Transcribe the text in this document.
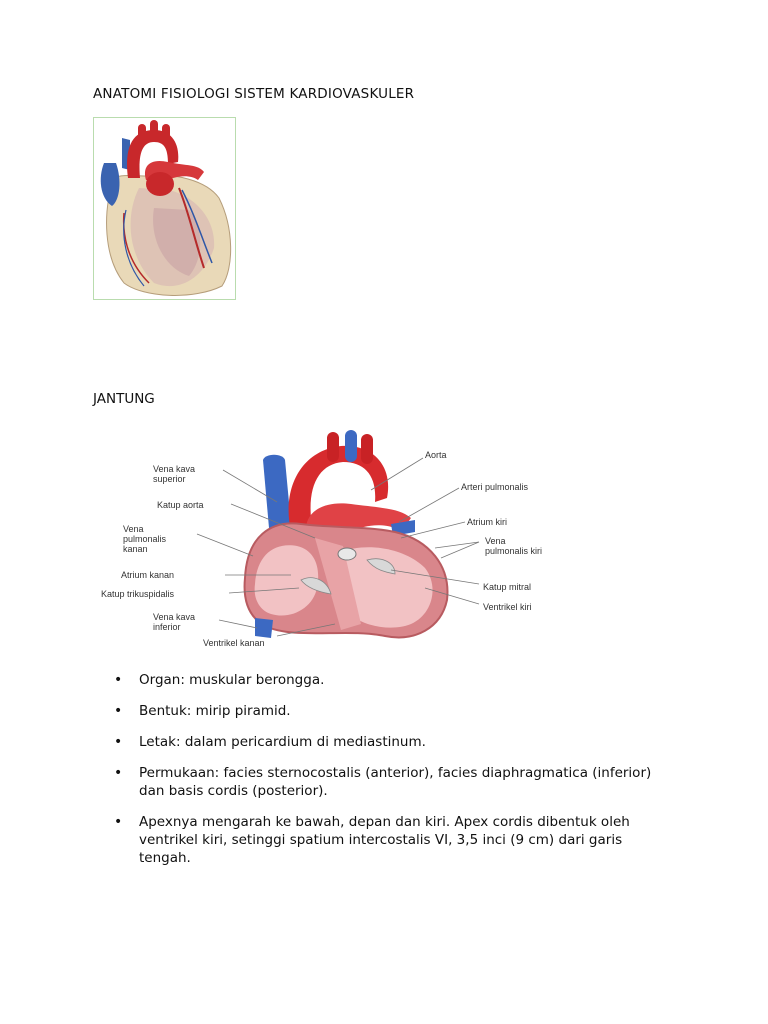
ANATOMI FISIOLOGI SISTEM KARDIOVASKULER
JANTUNG
Vena kava
superior
Katup aorta
Vena
pulmonalis
kanan
Atrium kanan
Katup trikuspidalis
Vena kava
inferior
Ventrikel kanan
Aorta
Arteri pulmonalis
Atrium kiri
Vena
pulmonalis kiri
Katup mitral
Ventrikel kiri
• Organ: muskular berongga.
• Bentuk: mirip piramid.
• Letak: dalam pericardium di mediastinum.
• Permukaan: facies sternocostalis (anterior), facies diaphragmatica (inferior) dan basis cordis (posterior).
• Apexnya mengarah ke bawah, depan dan kiri. Apex cordis dibentuk oleh ventrikel kiri, setinggi spatium intercostalis VI, 3,5 inci (9 cm) dari garis tengah.
